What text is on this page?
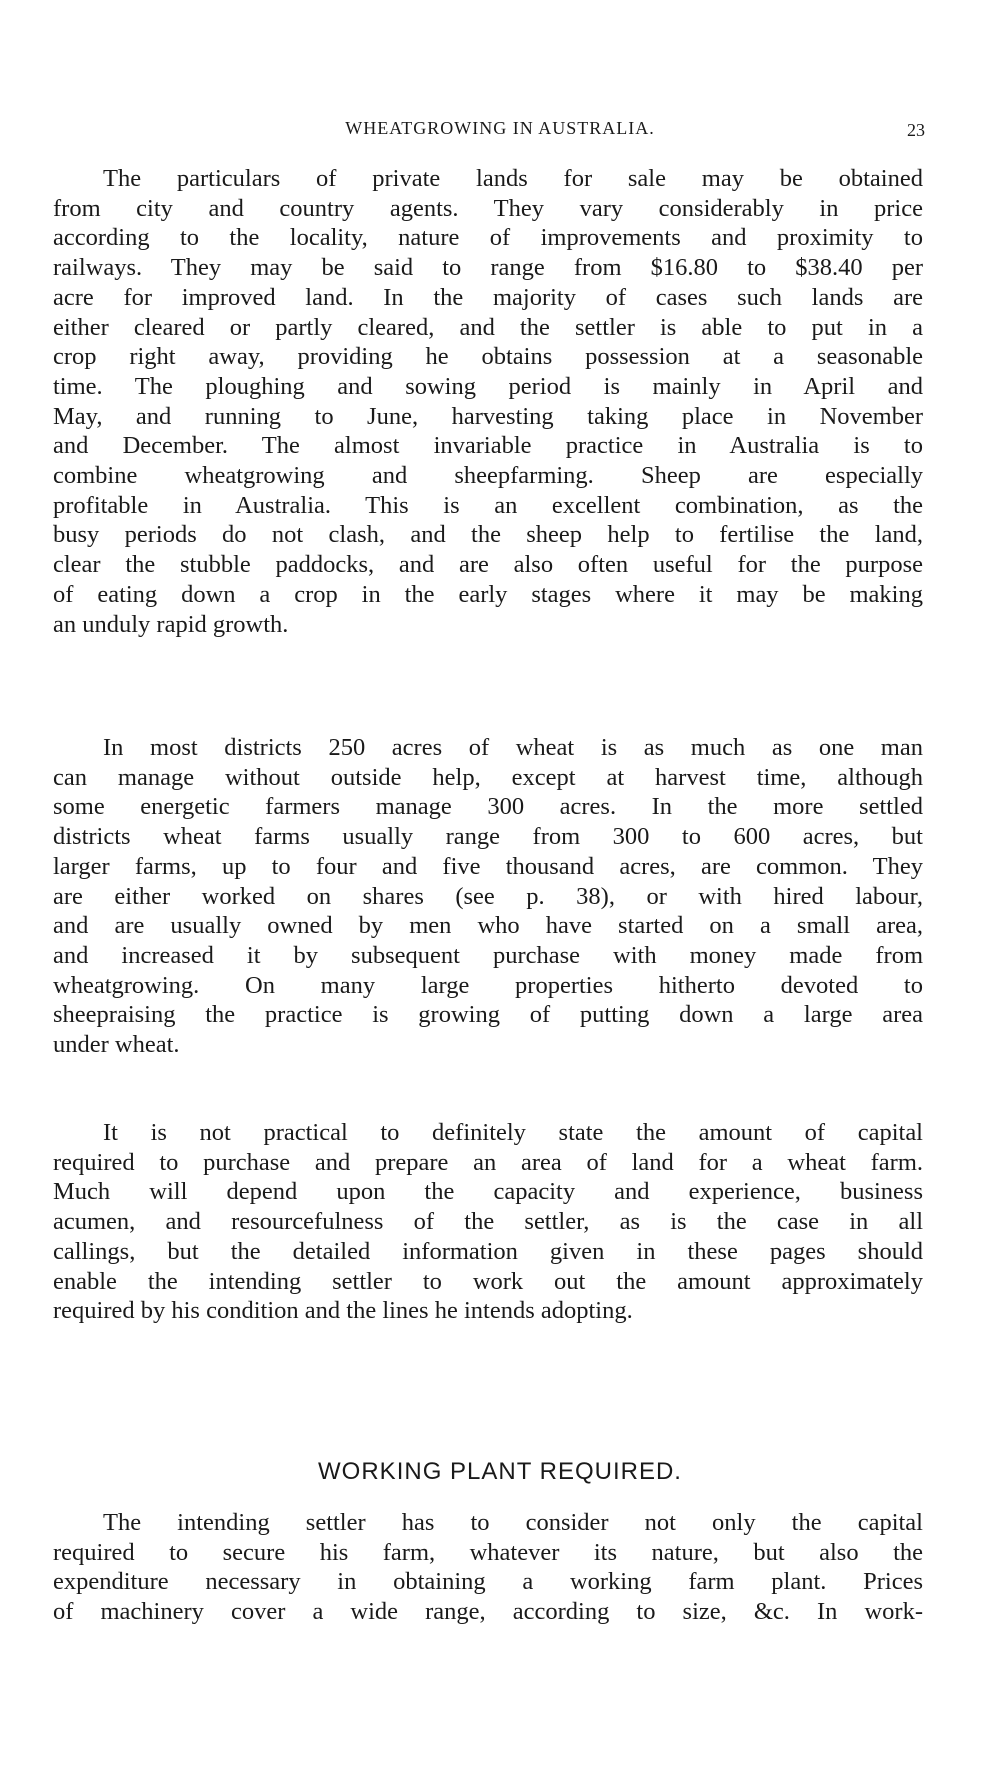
WHEATGROWING IN AUSTRALIA.	23
The particulars of private lands for sale may be obtained
from city and country agents. They vary considerably in price
according to the locality, nature of improvements and proximity to
railways. They may be said to range from $16.80 to $38.40 per
acre for improved land. In the majority of cases such lands are
either cleared or partly cleared, and the settler is able to put in a
crop right away, providing he obtains possession at a seasonable
time. The ploughing and sowing period is mainly in April and
May, and running to June, harvesting taking place in November
and December. The almost invariable practice in Australia is to
combine wheatgrowing and sheepfarming. Sheep are especially
profitable in Australia. This is an excellent combination, as the
busy periods do not clash, and the sheep help to fertilise the land,
clear the stubble paddocks, and are also often useful for the purpose
of eating down a crop in the early stages where it may be making
an unduly rapid growth.
In most districts 250 acres of wheat is as much as one man
can manage without outside help, except at harvest time, although
some energetic farmers manage 300 acres. In the more settled
districts wheat farms usually range from 300 to 600 acres, but
larger farms, up to four and five thousand acres, are common. They
are either worked on shares (see p. 38), or with hired labour,
and are usually owned by men who have started on a small area,
and increased it by subsequent purchase with money made from
wheatgrowing. On many large properties hitherto devoted to
sheepraising the practice is growing of putting down a large area
under wheat.
It is not practical to definitely state the amount of capital
required to purchase and prepare an area of land for a wheat farm.
Much will depend upon the capacity and experience, business
acumen, and resourcefulness of the settler, as is the case in all
callings, but the detailed information given in these pages should
enable the intending settler to work out the amount approximately
required by his condition and the lines he intends adopting.
WORKING PLANT REQUIRED.
The intending settler has to consider not only the capital
required to secure his farm, whatever its nature, but also the
expenditure necessary in obtaining a working farm plant. Prices
of machinery cover a wide range, according to size, &c. In work-
